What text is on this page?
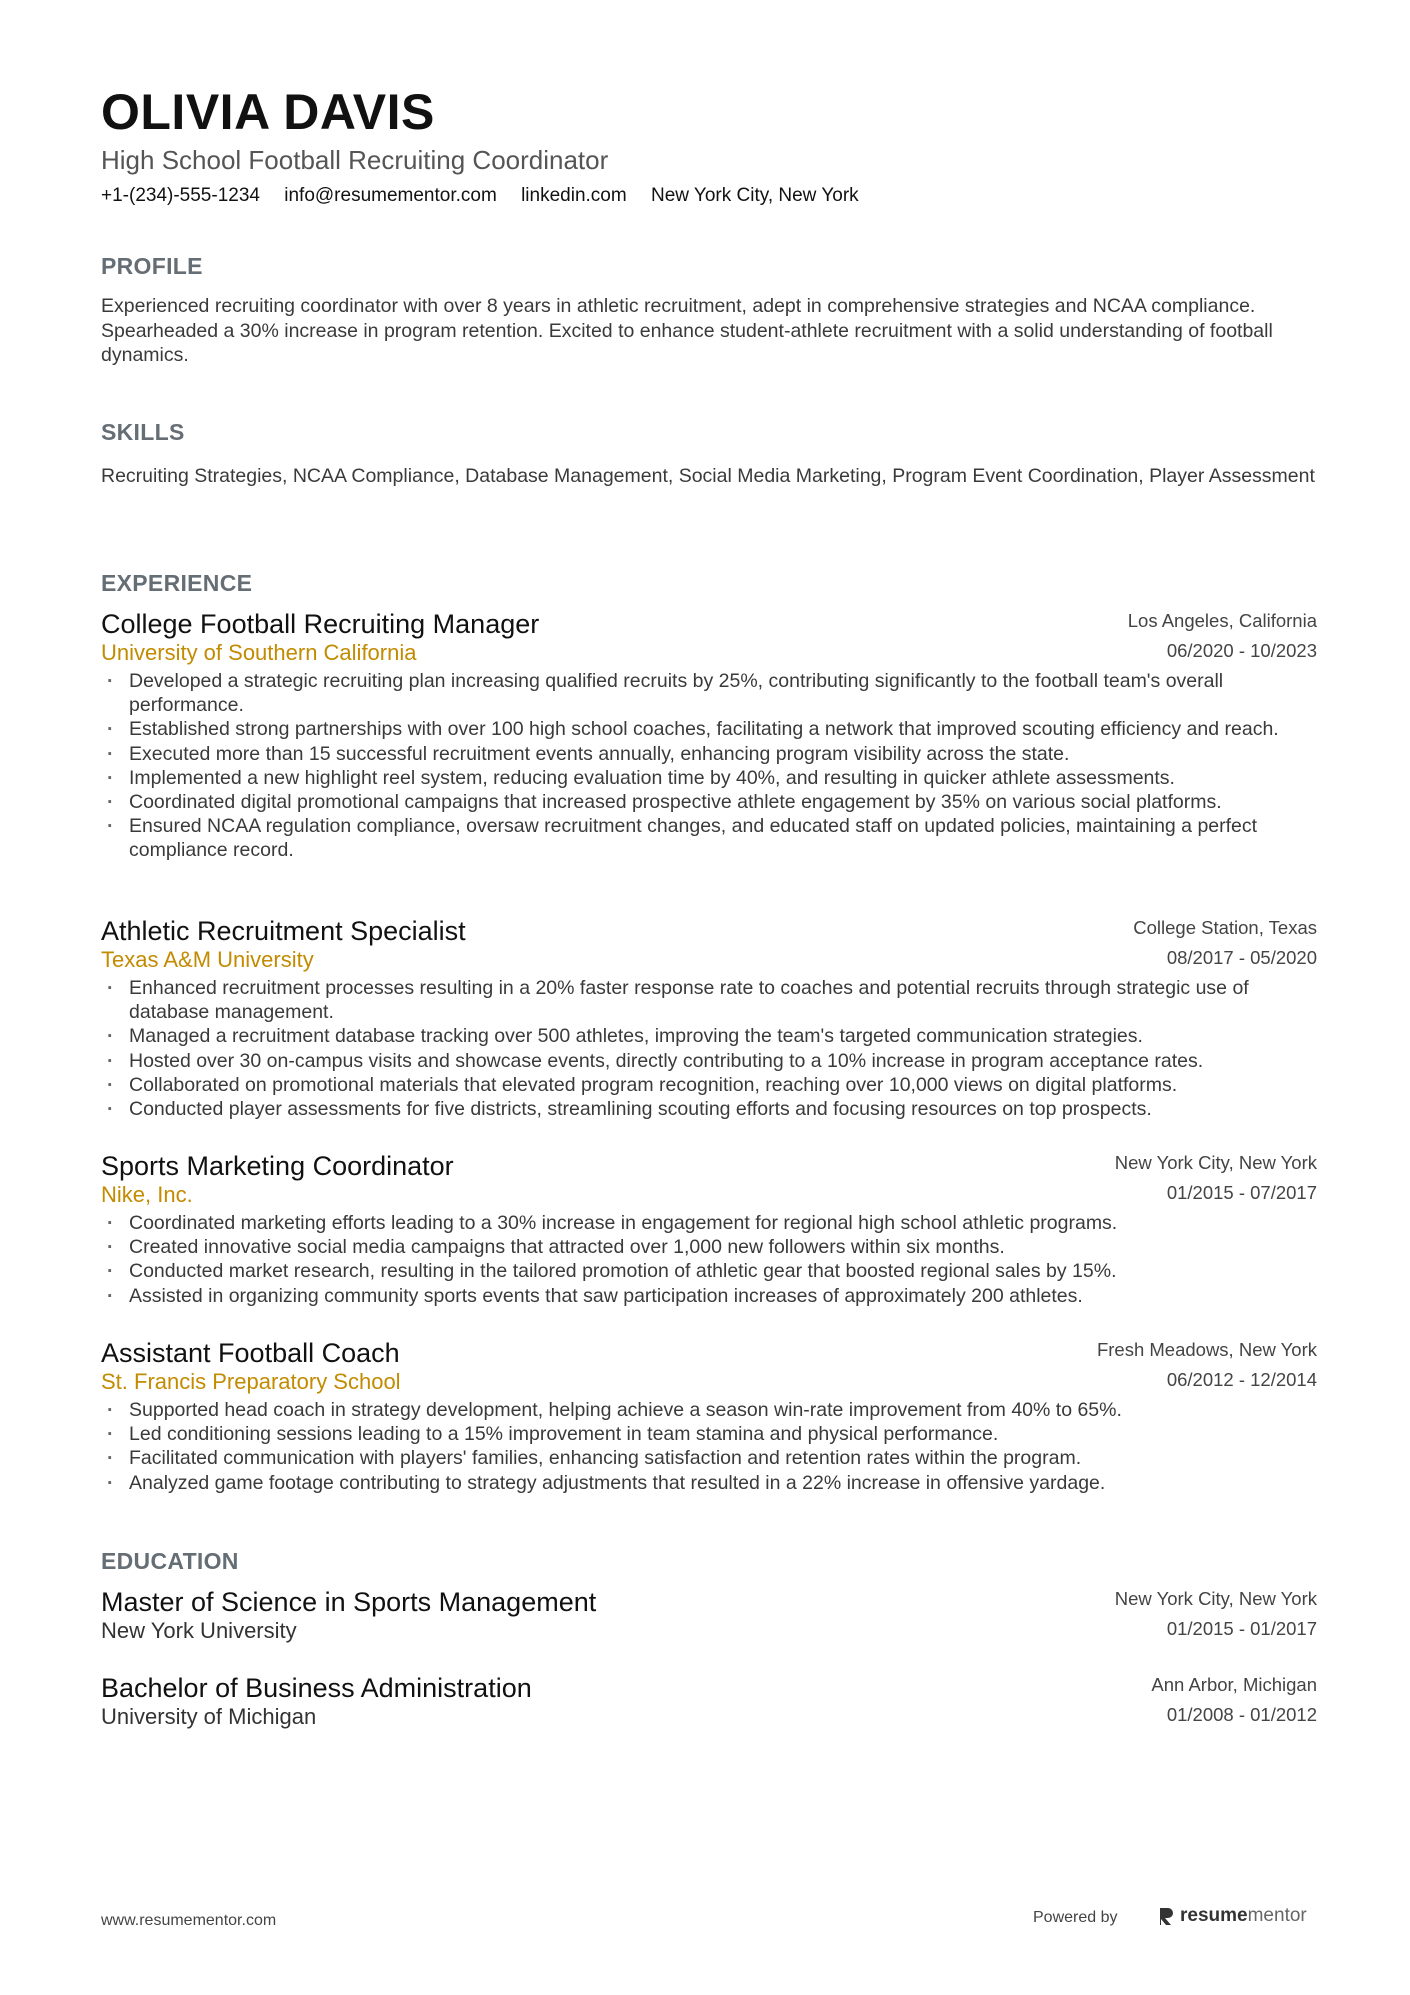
OLIVIA DAVIS
High School Football Recruiting Coordinator
+1-(234)-555-1234 info@resumementor.com linkedin.com New York City, New York
PROFILE
Experienced recruiting coordinator with over 8 years in athletic recruitment, adept in comprehensive strategies and NCAA compliance. Spearheaded a 30% increase in program retention. Excited to enhance student-athlete recruitment with a solid understanding of football dynamics.
SKILLS
Recruiting Strategies, NCAA Compliance, Database Management, Social Media Marketing, Program Event Coordination, Player Assessment
EXPERIENCE
College Football Recruiting Manager
University of Southern California
Los Angeles, California
06/2020 - 10/2023
· Developed a strategic recruiting plan increasing qualified recruits by 25%, contributing significantly to the football team's overall performance.
· Established strong partnerships with over 100 high school coaches, facilitating a network that improved scouting efficiency and reach.
· Executed more than 15 successful recruitment events annually, enhancing program visibility across the state.
· Implemented a new highlight reel system, reducing evaluation time by 40%, and resulting in quicker athlete assessments.
· Coordinated digital promotional campaigns that increased prospective athlete engagement by 35% on various social platforms.
· Ensured NCAA regulation compliance, oversaw recruitment changes, and educated staff on updated policies, maintaining a perfect compliance record.
Athletic Recruitment Specialist
Texas A&M University
College Station, Texas
08/2017 - 05/2020
· Enhanced recruitment processes resulting in a 20% faster response rate to coaches and potential recruits through strategic use of database management.
· Managed a recruitment database tracking over 500 athletes, improving the team's targeted communication strategies.
· Hosted over 30 on-campus visits and showcase events, directly contributing to a 10% increase in program acceptance rates.
· Collaborated on promotional materials that elevated program recognition, reaching over 10,000 views on digital platforms.
· Conducted player assessments for five districts, streamlining scouting efforts and focusing resources on top prospects.
Sports Marketing Coordinator
Nike, Inc.
New York City, New York
01/2015 - 07/2017
· Coordinated marketing efforts leading to a 30% increase in engagement for regional high school athletic programs.
· Created innovative social media campaigns that attracted over 1,000 new followers within six months.
· Conducted market research, resulting in the tailored promotion of athletic gear that boosted regional sales by 15%.
· Assisted in organizing community sports events that saw participation increases of approximately 200 athletes.
Assistant Football Coach
St. Francis Preparatory School
Fresh Meadows, New York
06/2012 - 12/2014
· Supported head coach in strategy development, helping achieve a season win-rate improvement from 40% to 65%.
· Led conditioning sessions leading to a 15% improvement in team stamina and physical performance.
· Facilitated communication with players' families, enhancing satisfaction and retention rates within the program.
· Analyzed game footage contributing to strategy adjustments that resulted in a 22% increase in offensive yardage.
EDUCATION
Master of Science in Sports Management
New York University
New York City, New York
01/2015 - 01/2017
Bachelor of Business Administration
University of Michigan
Ann Arbor, Michigan
01/2008 - 01/2012
www.resumementor.com	Powered by	resume mentor
